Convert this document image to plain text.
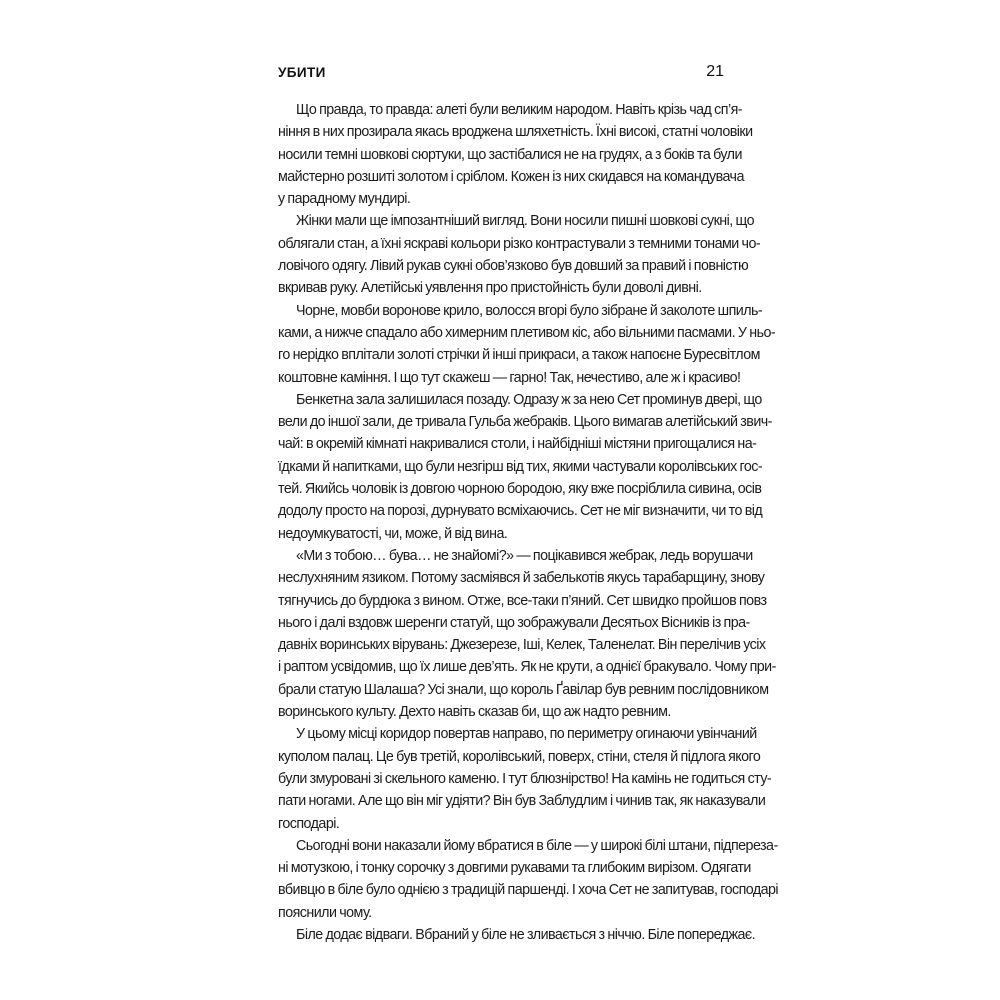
УБИТИ	21
Що правда, то правда: алеті були великим народом. Навіть крізь чад сп’я-
ніння в них прозирала якась вроджена шляхетність. Їхні високі, статні чоловіки
носили темні шовкові сюртуки, що застібалися не на грудях, а з боків та були
майстерно розшиті золотом і сріблом. Кожен із них скидався на командувача
у парадному мундирі.
Жінки мали ще імпозантніший вигляд. Вони носили пишні шовкові сукні, що
облягали стан, а їхні яскраві кольори різко контрастували з темними тонами чо-
ловічого одягу. Лівий рукав сукні обов’язково був довший за правий і повністю
вкривав руку. Алетійські уявлення про пристойність були доволі дивні.
Чорне, мовби воронове крило, волосся вгорі було зібране й заколоте шпиль-
ками, а нижче спадало або химерним плетивом кіс, або вільними пасмами. У ньо-
го нерідко вплітали золоті стрічки й інші прикраси, а також напоєне Буресвітлом
коштовне каміння. І що тут скажеш — гарно! Так, нечестиво, але ж і красиво!
Бенкетна зала залишилася позаду. Одразу ж за нею Сет проминув двері, що
вели до іншої зали, де тривала Гульба жебраків. Цього вимагав алетійський звич-
чай: в окремій кімнаті накривалися столи, і найбідніші містяни пригощалися на-
їдками й напитками, що були незгірш від тих, якими частували королівських гос-
тей. Якийсь чоловік із довгою чорною бородою, яку вже посріблила сивина, осів
додолу просто на порозі, дурнувато всміхаючись. Сет не міг визначити, чи то від
недоумкуватості, чи, може, й від вина.
«Ми з тобою… бува… не знайомі?» — поцікавився жебрак, ледь ворушачи
неслухняним язиком. Потому засміявся й забелькотів якусь тарабарщину, знову
тягнучись до бурдюка з вином. Отже, все-таки п’яний. Сет швидко пройшов повз
нього і далі вздовж шеренги статуй, що зображували Десятьох Вісників із пра-
давніх воринських вірувань: Джезерезе, Іші, Келек, Таленелат. Він перелічив усіх
і раптом усвідомив, що їх лише дев’ять. Як не крути, а однієї бракувало. Чому при-
брали статую Шалаша? Усі знали, що король Ґавілар був ревним послідовником
воринського культу. Дехто навіть сказав би, що аж надто ревним.
У цьому місці коридор повертав направо, по периметру огинаючи увінчаний
куполом палац. Це був третій, королівський, поверх, стіни, стеля й підлога якого
були змуровані зі скельного каменю. І тут блюзнірство! На камінь не годиться сту-
пати ногами. Але що він міг удіяти? Він був Заблудлим і чинив так, як наказували
господарі.
Сьогодні вони наказали йому вбратися в біле — у широкі білі штани, підпереза-
ні мотузкою, і тонку сорочку з довгими рукавами та глибоким вирізом. Одягати
вбивцю в біле було однією з традицій паршенді. І хоча Сет не запитував, господарі
пояснили чому.
Біле додає відваги. Вбраний у біле не зливається з ніччю. Біле попереджає.
